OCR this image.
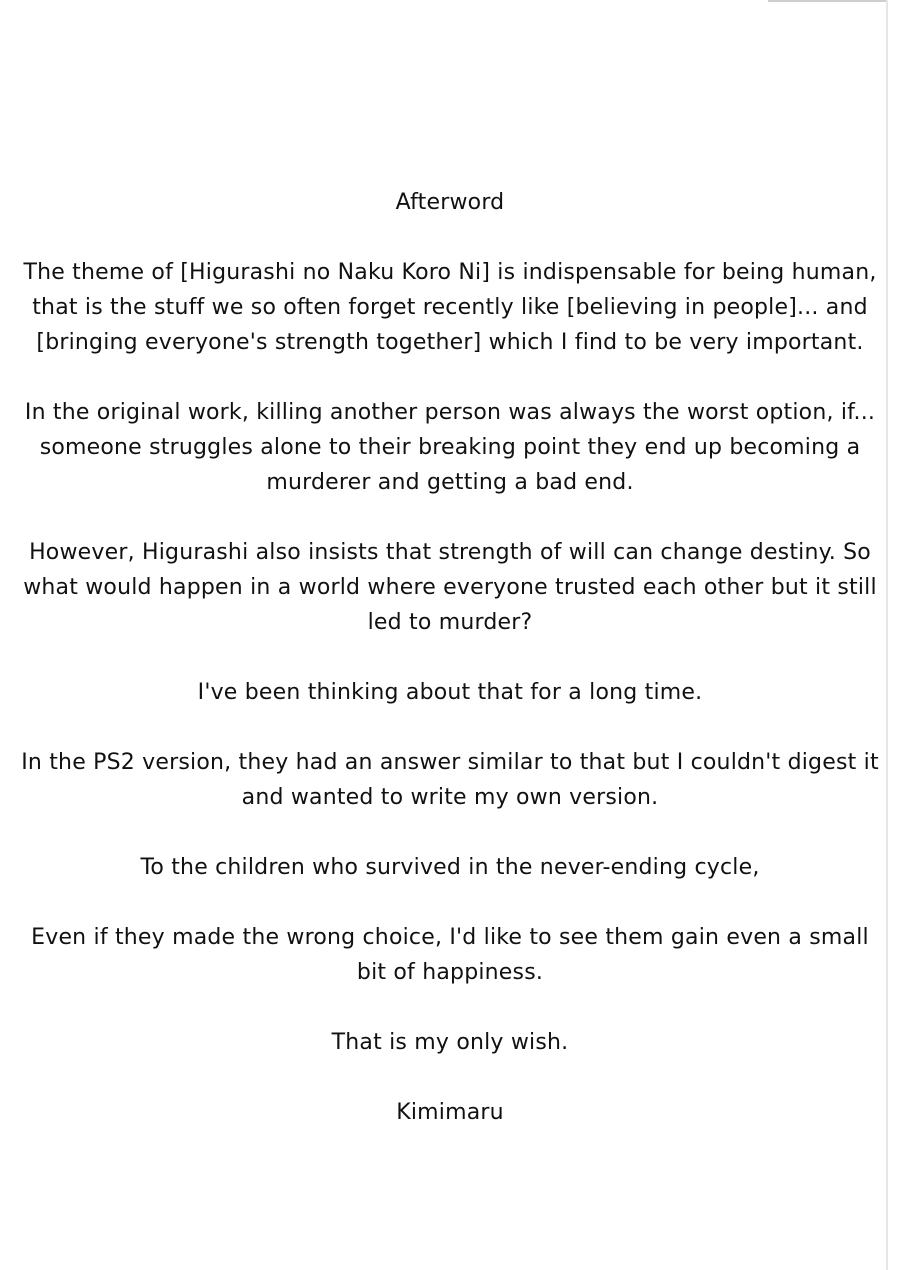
Afterword
The theme of [Higurashi no Naku Koro Ni] is indispensable for being human, that is the stuff we so often forget recently like [believing in people]... and [bringing everyone's strength together] which I find to be very important.
In the original work, killing another person was always the worst option, if... someone struggles alone to their breaking point they end up becoming a murderer and getting a bad end.
However, Higurashi also insists that strength of will can change destiny. So what would happen in a world where everyone trusted each other but it still led to murder?
I've been thinking about that for a long time.
In the PS2 version, they had an answer similar to that but I couldn't digest it and wanted to write my own version.
To the children who survived in the never-ending cycle,
Even if they made the wrong choice, I'd like to see them gain even a small bit of happiness.
That is my only wish.
Kimimaru
